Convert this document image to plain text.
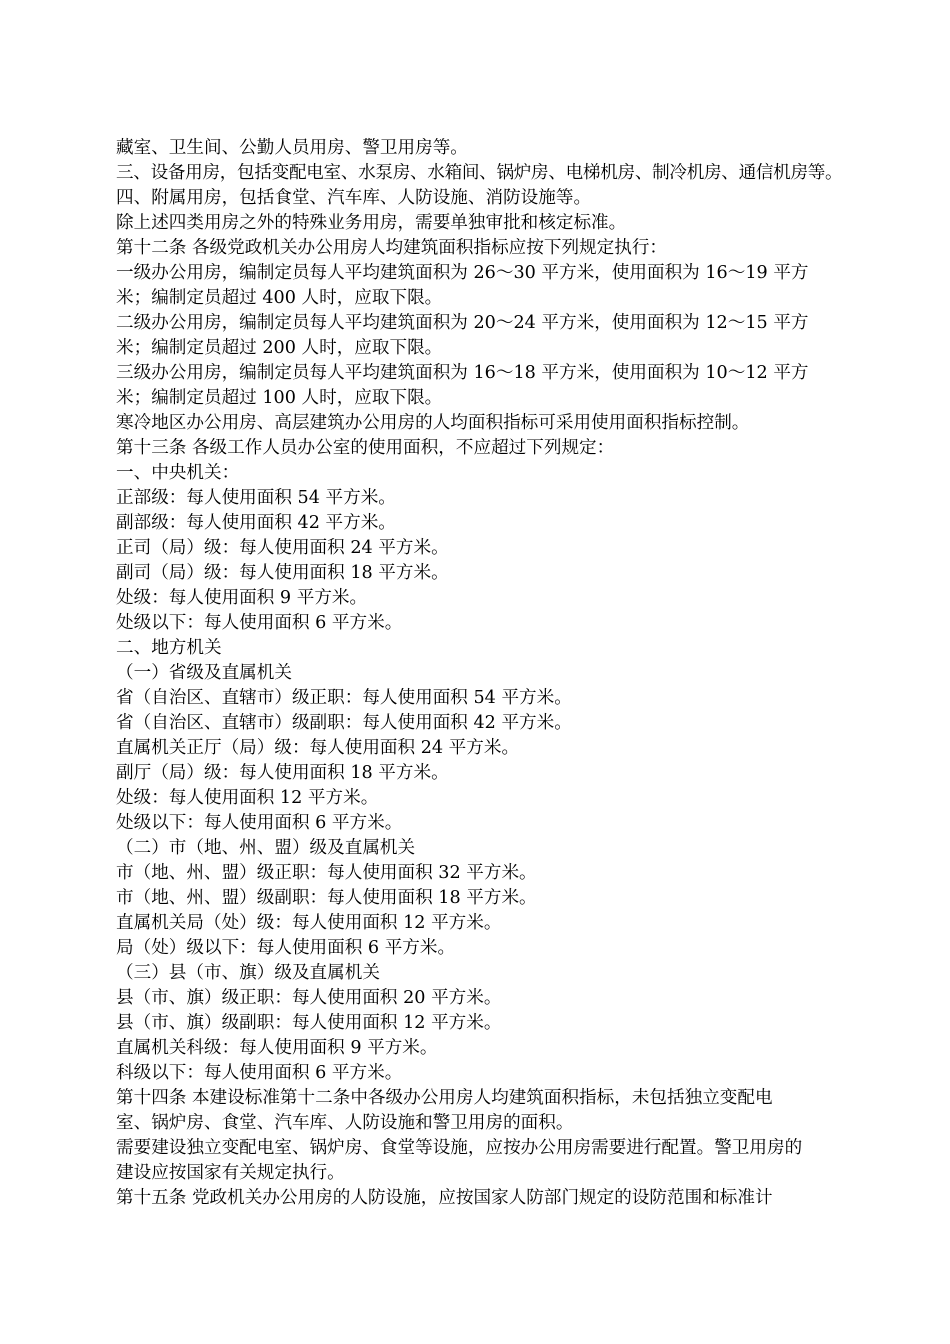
藏室、卫生间、公勤人员用房、警卫用房等。
三、设备用房，包括变配电室、水泵房、水箱间、锅炉房、电梯机房、制冷机房、通信机房等。
四、附属用房，包括食堂、汽车库、人防设施、消防设施等。
除上述四类用房之外的特殊业务用房，需要单独审批和核定标准。
第十二条 各级党政机关办公用房人均建筑面积指标应按下列规定执行：
一级办公用房，编制定员每人平均建筑面积为 26～30 平方米，使用面积为 16～19 平方
米；编制定员超过 400 人时，应取下限。
二级办公用房，编制定员每人平均建筑面积为 20～24 平方米，使用面积为 12～15 平方
米；编制定员超过 200 人时，应取下限。
三级办公用房，编制定员每人平均建筑面积为 16～18 平方米，使用面积为 10～12 平方
米；编制定员超过 100 人时，应取下限。
寒冷地区办公用房、高层建筑办公用房的人均面积指标可采用使用面积指标控制。
第十三条 各级工作人员办公室的使用面积，不应超过下列规定：
一、中央机关：
正部级：每人使用面积 54 平方米。
副部级：每人使用面积 42 平方米。
正司（局）级：每人使用面积 24 平方米。
副司（局）级：每人使用面积 18 平方米。
处级：每人使用面积 9 平方米。
处级以下：每人使用面积 6 平方米。
二、地方机关
（一）省级及直属机关
省（自治区、直辖市）级正职：每人使用面积 54 平方米。
省（自治区、直辖市）级副职：每人使用面积 42 平方米。
直属机关正厅（局）级：每人使用面积 24 平方米。
副厅（局）级：每人使用面积 18 平方米。
处级：每人使用面积 12 平方米。
处级以下：每人使用面积 6 平方米。
（二）市（地、州、盟）级及直属机关
市（地、州、盟）级正职：每人使用面积 32 平方米。
市（地、州、盟）级副职：每人使用面积 18 平方米。
直属机关局（处）级：每人使用面积 12 平方米。
局（处）级以下：每人使用面积 6 平方米。
（三）县（市、旗）级及直属机关
县（市、旗）级正职：每人使用面积 20 平方米。
县（市、旗）级副职：每人使用面积 12 平方米。
直属机关科级：每人使用面积 9 平方米。
科级以下：每人使用面积 6 平方米。
第十四条 本建设标准第十二条中各级办公用房人均建筑面积指标，未包括独立变配电
室、锅炉房、食堂、汽车库、人防设施和警卫用房的面积。
需要建设独立变配电室、锅炉房、食堂等设施，应按办公用房需要进行配置。警卫用房的
建设应按国家有关规定执行。
第十五条 党政机关办公用房的人防设施，应按国家人防部门规定的设防范围和标准计
